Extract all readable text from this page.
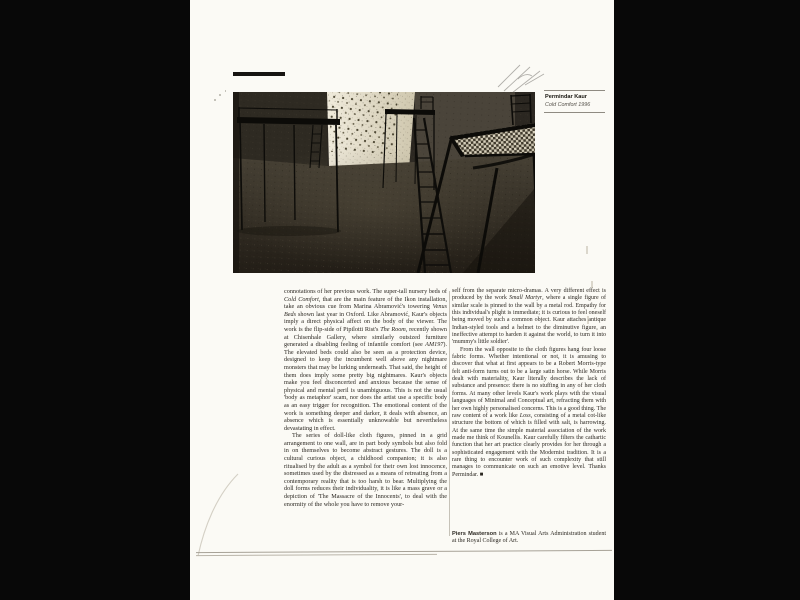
Permindar Kaur
Cold Comfort 1996

connotations of her previous work. The super-tall nursery beds of Cold Comfort, that are the main feature of the Ikon installation, take an obvious cue from Marina Abramović's towering Venus Beds shown last year in Oxford. Like Abramović, Kaur's objects imply a direct physical affect on the body of the viewer. The work is the flip-side of Pipilotti Rist's The Room, recently shown at Chisenhale Gallery, where similarly outsized furniture generated a disabling feeling of infantile comfort (see AM197). The elevated beds could also be seen as a protection device, designed to keep the incumbent well above any nightmare monsters that may be lurking underneath. That said, the height of them does imply some pretty big nightmares. Kaur's objects make you feel disconcerted and anxious because the sense of physical and mental peril is unambiguous. This is not the usual 'body as metaphor' scam, nor does the artist use a specific body as an easy trigger for recognition. The emotional content of the work is something deeper and darker, it deals with absence, an absence which is essentially unknowable but nevertheless devastating in effect.

The series of doll-like cloth figures, pinned in a grid arrangement to one wall, are in part body symbols but also fold in on themselves to become abstract gestures. The doll is a cultural curious object, a childhood companion; it is also ritualised by the adult as a symbol for their own lost innocence, sometimes used by the distressed as a means of retreating from a contemporary reality that is too harsh to bear. Multiplying the doll forms reduces their individuality, it is like a mass grave or a depiction of 'The Massacre of the Innocents', to deal with the enormity of the whole you have to remove your-

self from the separate micro-dramas. A very different effect is produced by the work Small Martyr, where a single figure of similar scale is pinned to the wall by a metal rod. Empathy for this individual's plight is immediate; it is curious to feel oneself being moved by such a common object. Kaur attaches antique Indian-styled tools and a helmet to the diminutive figure, an ineffective attempt to harden it against the world, to turn it into 'mummy's little soldier'.

From the wall opposite to the cloth figures hang four loose fabric forms. Whether intentional or not, it is amusing to discover that what at first appears to be a Robert Morris-type felt anti-form turns out to be a large satin horse. While Morris dealt with materiality, Kaur literally describes the lack of substance and presence: there is no stuffing in any of her cloth forms. At many other levels Kaur's work plays with the visual languages of Minimal and Conceptual art, refracting them with her own highly personalised concerns. This is a good thing. The raw content of a work like Loss, consisting of a metal cot-like structure the bottom of which is filled with salt, is harrowing. At the same time the simple material association of the work made me think of Kounellis. Kaur carefully filters the cathartic function that her art practice clearly provides for her through a sophisticated engagement with the Modernist tradition. It is a rare thing to encounter work of such complexity that still manages to communicate on such an emotive level. Thanks Permindar. ■

Piers Masterson is a MA Visual Arts Administration student at the Royal College of Art.
